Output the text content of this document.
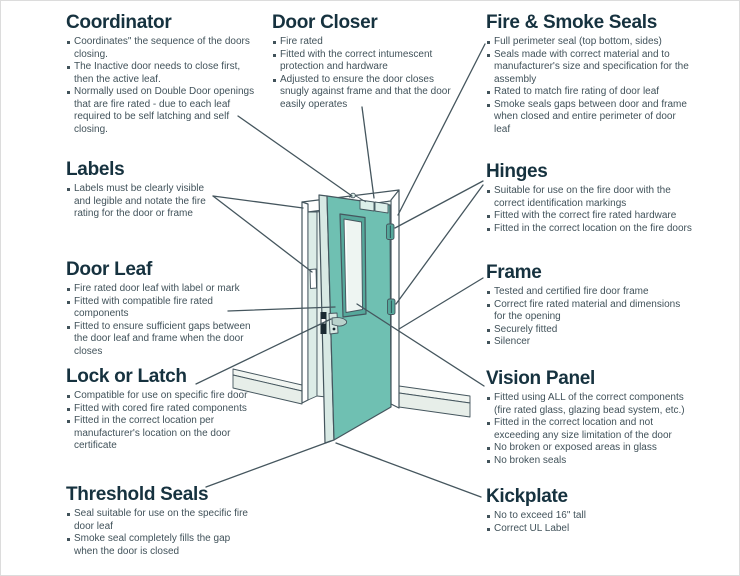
Coordinator
Coordinates" the sequence of the doors closing.
The Inactive door needs to close first, then the active leaf.
Normally used on Double Door openings that are fire rated - due to each leaf required to be self latching and self closing.
Door Closer
Fire rated
Fitted with the correct intumescent protection and hardware
Adjusted to ensure the door closes snugly against frame and that the door easily operates
Fire & Smoke Seals
Full perimeter seal (top bottom, sides)
Seals made with correct material and to manufacturer's size and specification for the assembly
Rated to match fire rating of door leaf
Smoke seals gaps between door and frame when closed and entire perimeter of door leaf
Labels
Labels must be clearly visible and legible and notate the fire rating for the door or frame
Hinges
Suitable for use on the fire door with the correct identification markings
Fitted with the correct fire rated hardware
Fitted in the correct location on the fire doors
Door Leaf
Fire rated door leaf with label or mark
Fitted with compatible fire rated components
Fitted to ensure sufficient gaps between the door leaf and frame when the door closes
Frame
Tested and certified fire door frame
Correct fire rated material and dimensions for the opening
Securely fitted
Silencer
Lock or Latch
Compatible for use on specific fire door
Fitted with cored fire rated components
Fitted in the correct location per manufacturer's location on the door certificate
Vision Panel
Fitted using ALL of the correct components (fire rated glass, glazing bead system, etc.)
Fitted in the correct location and not exceeding any size limitation of the door
No broken or exposed areas in glass
No broken seals
Threshold Seals
Seal suitable for use on the specific fire door leaf
Smoke seal completely fills the gap when the door is closed
Kickplate
No to exceed 16" tall
Correct UL Label
